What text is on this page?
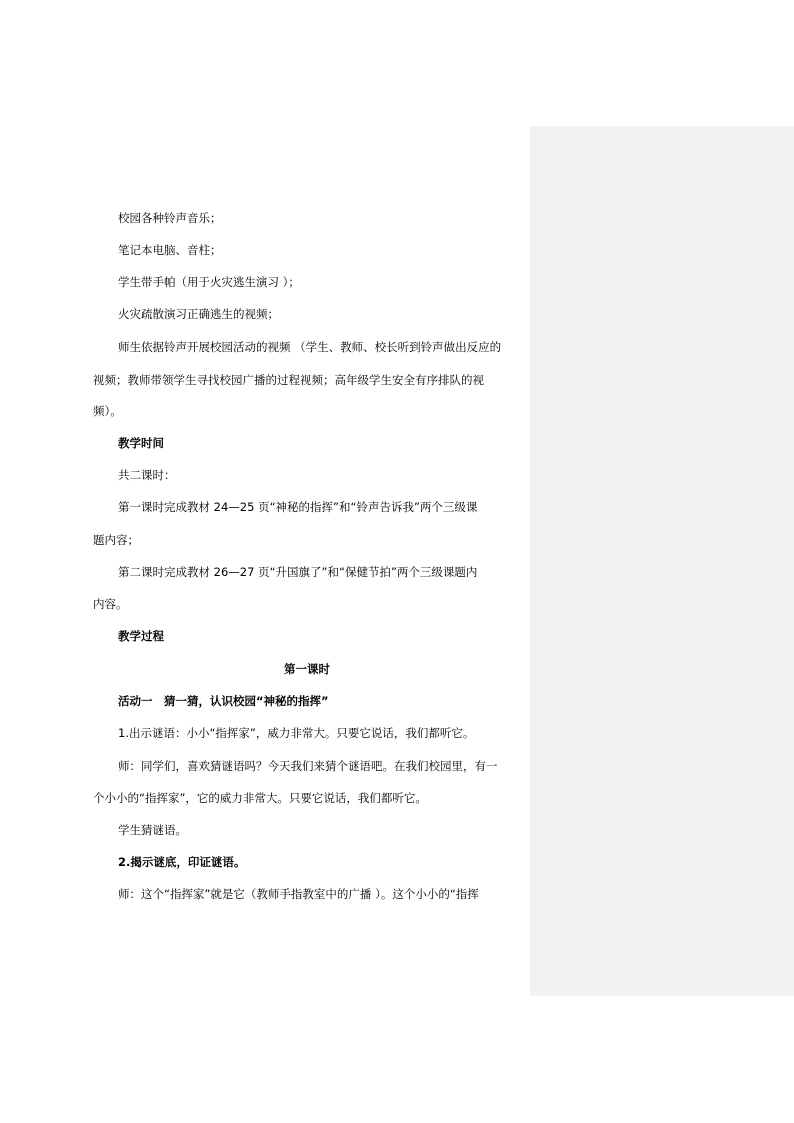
校园各种铃声音乐；
笔记本电脑、音柱；
学生带手帕（用于火灾逃生演习 ）；
火灾疏散演习正确逃生的视频；
师生依据铃声开展校园活动的视频 （学生、教师、校长听到铃声做出反应的
视频；教师带领学生寻找校园广播的过程视频；高年级学生安全有序排队的视
频）。
教学时间
共二课时：
第一课时完成教材 24—25 页“神秘的指挥”和“铃声告诉我”两个三级课
题内容；
第二课时完成教材 26—27 页“升国旗了”和“保健节拍”两个三级课题内
内容。
教学过程
第一课时
活动一　猜一猜，认识校园“神秘的指挥”
1.出示谜语：小小“指挥家”，威力非常大。只要它说话，我们都听它。
师：同学们，喜欢猜谜语吗？今天我们来猜个谜语吧。在我们校园里，有一
个小小的“指挥家”，它的威力非常大。只要它说话，我们都听它。
学生猜谜语。
2.揭示谜底，印证谜语。
师：这个“指挥家”就是它（教师手指教室中的广播 ）。这个小小的“指挥
